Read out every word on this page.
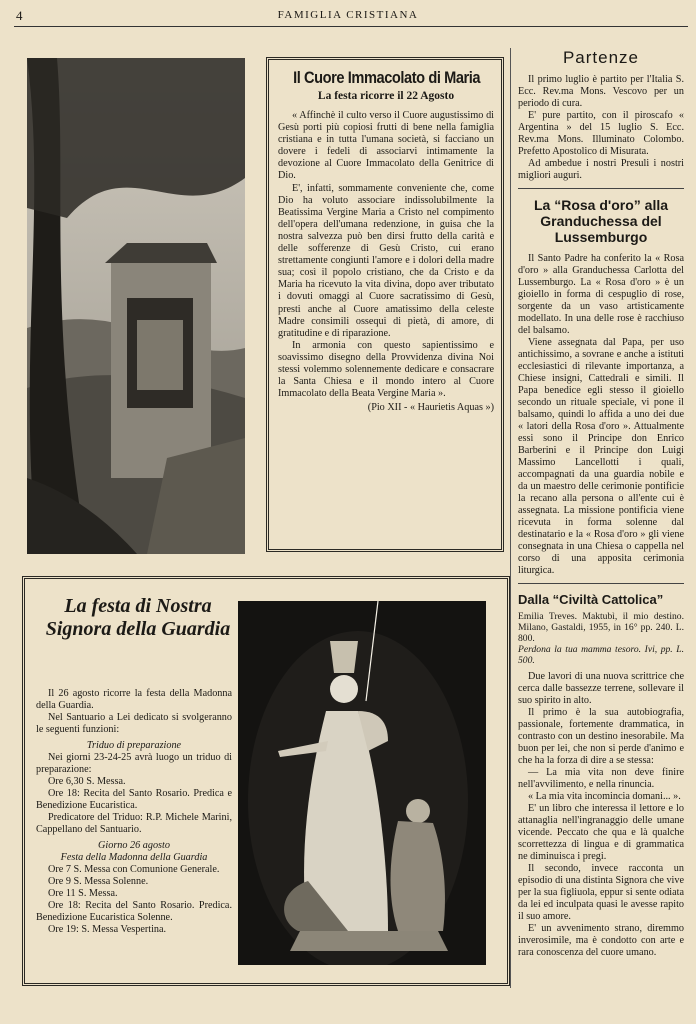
4	FAMIGLIA CRISTIANA
Il Cuore Immacolato di Maria
La festa ricorre il 22 Agosto

« Affinchè il culto verso il Cuore augustissimo di Gesù porti più copiosi frutti di bene nella famiglia cristiana e in tutta l'umana società, si facciano un dovere i fedeli di associarvi intimamente la devozione al Cuore Immacolato della Genitrice di Dio.

E', infatti, sommamente conveniente che, come Dio ha voluto associare indissolubilmente la Beatissima Vergine Maria a Cristo nel compimento dell'opera dell'umana redenzione, in guisa che la nostra salvezza può ben dirsi frutto della carità e delle sofferenze di Gesù Cristo, cui erano strettamente congiunti l'amore e i dolori della madre sua; così il popolo cristiano, che da Cristo e da Maria ha ricevuto la vita divina, dopo aver tributato i dovuti omaggi al Cuore sacratissimo di Gesù, presti anche al Cuore amatissimo della celeste Madre consimili ossequi di pietà, di amore, di gratitudine e di riparazione.

In armonia con questo sapientissimo e soavissimo disegno della Provvidenza divina Noi stessi volemmo solennemente dedicare e consacrare la Santa Chiesa e il mondo intero al Cuore Immacolato della Beata Vergine Maria ».

(Pio XII - « Haurietis Aquas »)

Partenze

Il primo luglio è partito per l'Italia S. Ecc. Rev.ma Mons. Vescovo per un periodo di cura.

E' pure partito, con il piroscafo « Argentina » del 15 luglio S. Ecc. Rev.ma Mons. Illuminato Colombo. Prefetto Apostolico di Misurata.

Ad ambedue i nostri Presuli i nostri migliori auguri.

La “Rosa d'oro” alla Granduchessa del Lussemburgo

Il Santo Padre ha conferito la « Rosa d'oro » alla Granduchessa Carlotta del Lussemburgo. La « Rosa d'oro » è un gioiello in forma di cespuglio di rose, sorgente da un vaso artisticamente modellato. In una delle rose è racchiuso del balsamo.

Viene assegnata dal Papa, per uso antichissimo, a sovrane e anche a istituti ecclesiastici di rilevante importanza, a Chiese insigni, Cattedrali e simili. Il Papa benedice egli stesso il gioiello secondo un rituale speciale, vi pone il balsamo, quindi lo affida a uno dei due « latori della Rosa d'oro ». Attualmente essi sono il Principe don Enrico Barberini e il Principe don Luigi Massimo Lancellotti i quali, accompagnati da una guardia nobile e da un maestro delle cerimonie pontificie la recano alla persona o all'ente cui è assegnata. La missione pontificia viene ricevuta in forma solenne dal destinatario e la « Rosa d'oro » gli viene consegnata in una Chiesa o cappella nel corso di una apposita cerimonia liturgica.

Dalla “Civiltà Cattolica”

Emilia Treves. Maktubì, il mio destino. Milano, Gastaldi, 1955, in 16° pp. 240. L. 800.

Perdona la tua mamma tesoro. Ivi, pp. L. 500.

Due lavori di una nuova scrittrice che cerca dalle bassezze terrene, sollevare il suo spirito in alto.

Il primo è la sua autobiografia, passionale, fortemente drammatica, in contrasto con un destino inesorabile. Ma buon per lei, che non si perde d'animo e che ha la forza di dire a se stessa:

— La mia vita non deve finire nell'avvilimento, e nella rinuncia.

« La mia vita incomincia domani... ».

E' un libro che interessa il lettore e lo attanaglia nell'ingranaggio delle umane vicende. Peccato che qua e là qualche scorrettezza di lingua e di grammatica ne diminuisca i pregi.

Il secondo, invece racconta un episodio di una distinta Signora che vive per la sua figliuola, eppur si sente odiata da lei ed inculpata quasi le avesse rapito il suo amore.

E' un avvenimento strano, diremmo inverosimile, ma è condotto con arte e rara conoscenza del cuore umano.

La festa di Nostra Signora della Guardia

Il 26 agosto ricorre la festa della Madonna della Guardia.

Nel Santuario a Lei dedicato si svolgeranno le seguenti funzioni:

Triduo di preparazione

Nei giorni 23-24-25 avrà luogo un triduo di preparazione:

Ore 6,30 S. Messa.

Ore 18: Recita del Santo Rosario. Predica e Benedizione Eucaristica.

Predicatore del Triduo: R.P. Michele Marini, Cappellano del Santuario.

Giorno 26 agosto

Festa della Madonna della Guardia

Ore 7 S. Messa con Comunione Generale.

Ore 9 S. Messa Solenne.

Ore 11 S. Messa.

Ore 18: Recita del Santo Rosario. Predica. Benedizione Eucaristica Solenne.

Ore 19: S. Messa Vespertina.
